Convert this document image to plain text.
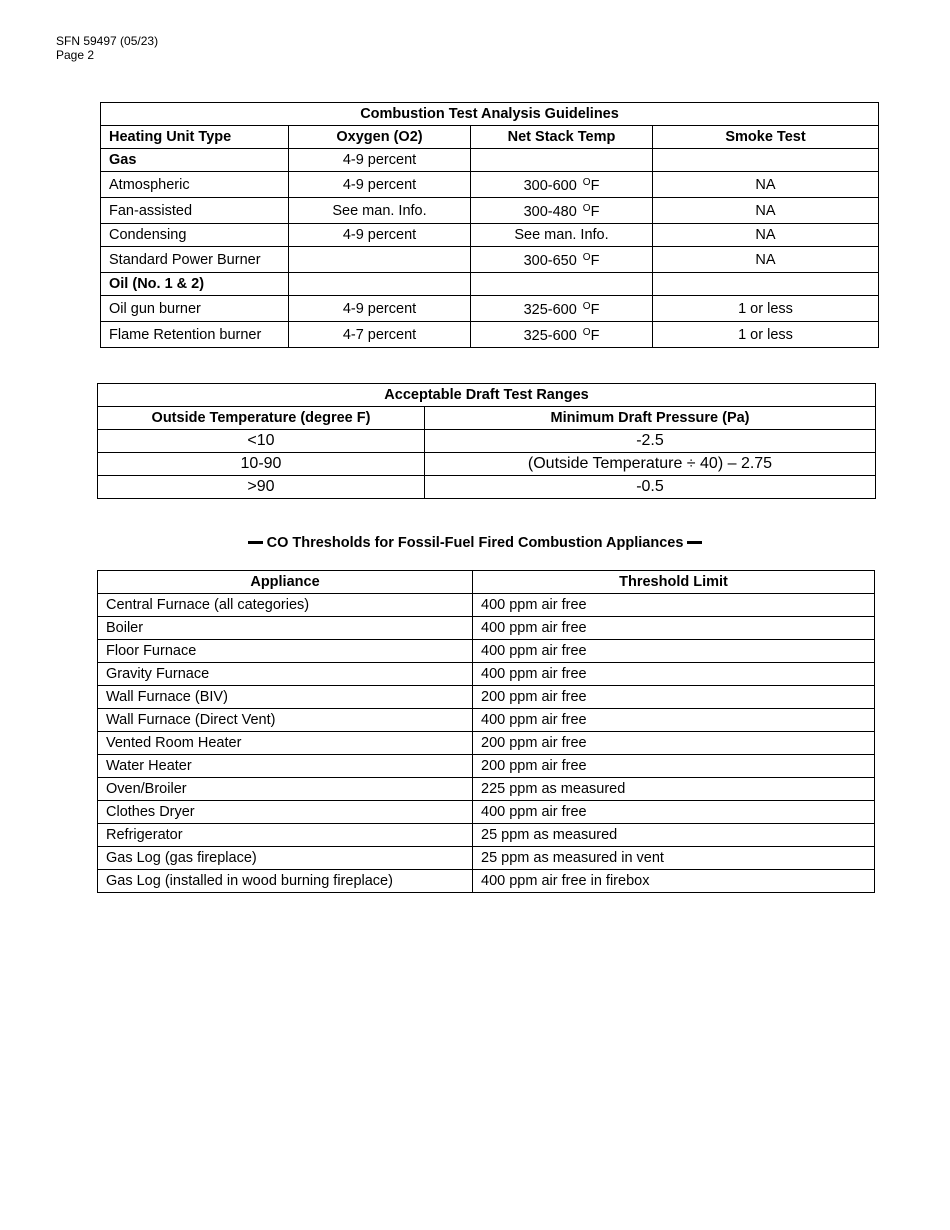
SFN 59497 (05/23)
Page 2
Combustion Test Analysis Guidelines			
Heating Unit Type	Oxygen (O2)	Net Stack Temp	Smoke Test
Gas	4-9 percent		
Atmospheric	4-9 percent	300-600 $^O$F	NA
Fan-assisted	See man. Info.	300-480 $^O$F	NA
Condensing	4-9 percent	See man. Info.	NA
Standard Power Burner		300-650 $^O$F	NA
Oil (No. 1 & 2)			
Oil gun burner	4-9 percent	325-600 $^O$F	1 or less
Flame Retention burner	4-7 percent	325-600 $^O$F	1 or less
Acceptable Draft Test Ranges	
Outside Temperature (degree F)	Minimum Draft Pressure (Pa)
<10	-2.5
10-90	(Outside Temperature ÷ 40) – 2.75
>90	-0.5
CO Thresholds for Fossil-Fuel Fired Combustion Appliances
Appliance	Threshold Limit
Central Furnace (all categories)	400 ppm air free
Boiler	400 ppm air free
Floor Furnace	400 ppm air free
Gravity Furnace	400 ppm air free
Wall Furnace (BIV)	200 ppm air free
Wall Furnace (Direct Vent)	400 ppm air free
Vented Room Heater	200 ppm air free
Water Heater	200 ppm air free
Oven/Broiler	225 ppm as measured
Clothes Dryer	400 ppm air free
Refrigerator	25 ppm as measured
Gas Log (gas fireplace)	25 ppm as measured in vent
Gas Log (installed in wood burning fireplace)	400 ppm air free in firebox
